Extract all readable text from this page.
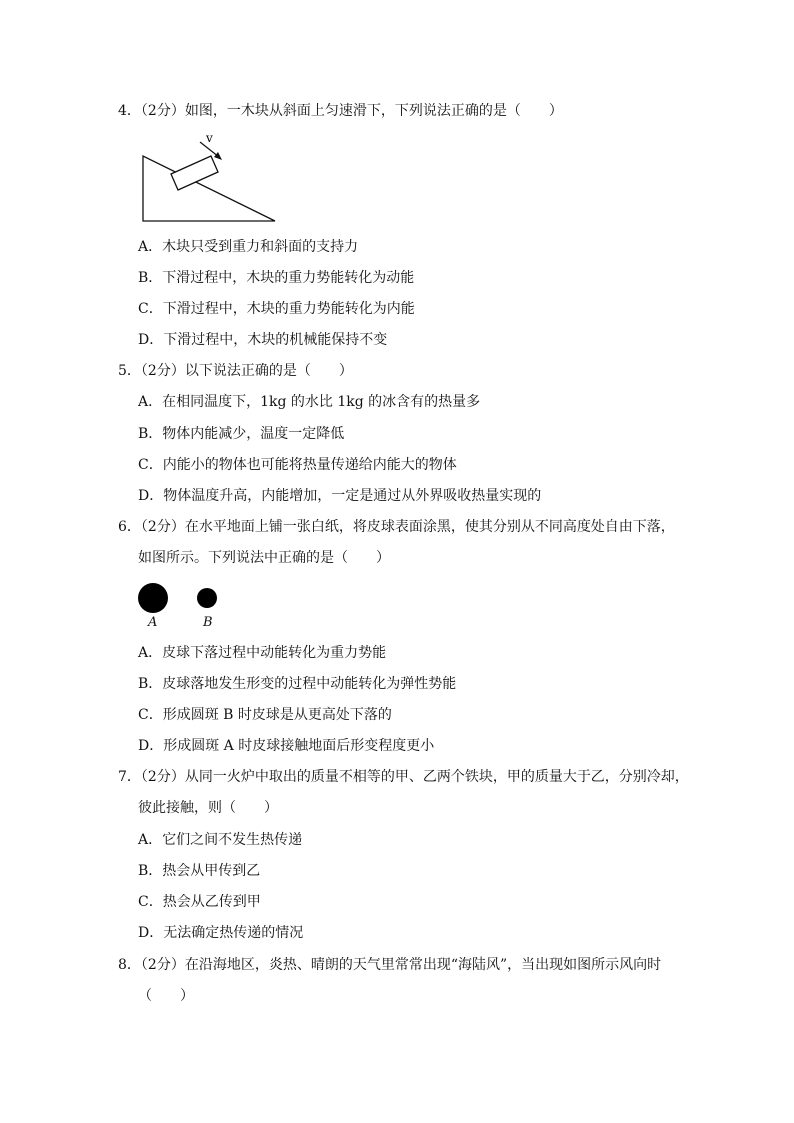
4．（2分）如图，一木块从斜面上匀速滑下，下列说法正确的是（　　）
v
A．木块只受到重力和斜面的支持力
B．下滑过程中，木块的重力势能转化为动能
C．下滑过程中，木块的重力势能转化为内能
D．下滑过程中，木块的机械能保持不变
5．（2分）以下说法正确的是（　　）
A．在相同温度下，1kg 的水比 1kg 的冰含有的热量多
B．物体内能减少，温度一定降低
C．内能小的物体也可能将热量传递给内能大的物体
D．物体温度升高，内能增加，一定是通过从外界吸收热量实现的
6．（2分）在水平地面上铺一张白纸，将皮球表面涂黑，使其分别从不同高度处自由下落，
如图所示。下列说法中正确的是（　　）
A	B
A．皮球下落过程中动能转化为重力势能
B．皮球落地发生形变的过程中动能转化为弹性势能
C．形成圆斑 B 时皮球是从更高处下落的
D．形成圆斑 A 时皮球接触地面后形变程度更小
7．（2分）从同一火炉中取出的质量不相等的甲、乙两个铁块，甲的质量大于乙，分别冷却，
彼此接触，则（　　）
A．它们之间不发生热传递
B．热会从甲传到乙
C．热会从乙传到甲
D．无法确定热传递的情况
8．（2分）在沿海地区，炎热、晴朗的天气里常常出现“海陆风”，当出现如图所示风向时
（　　）
